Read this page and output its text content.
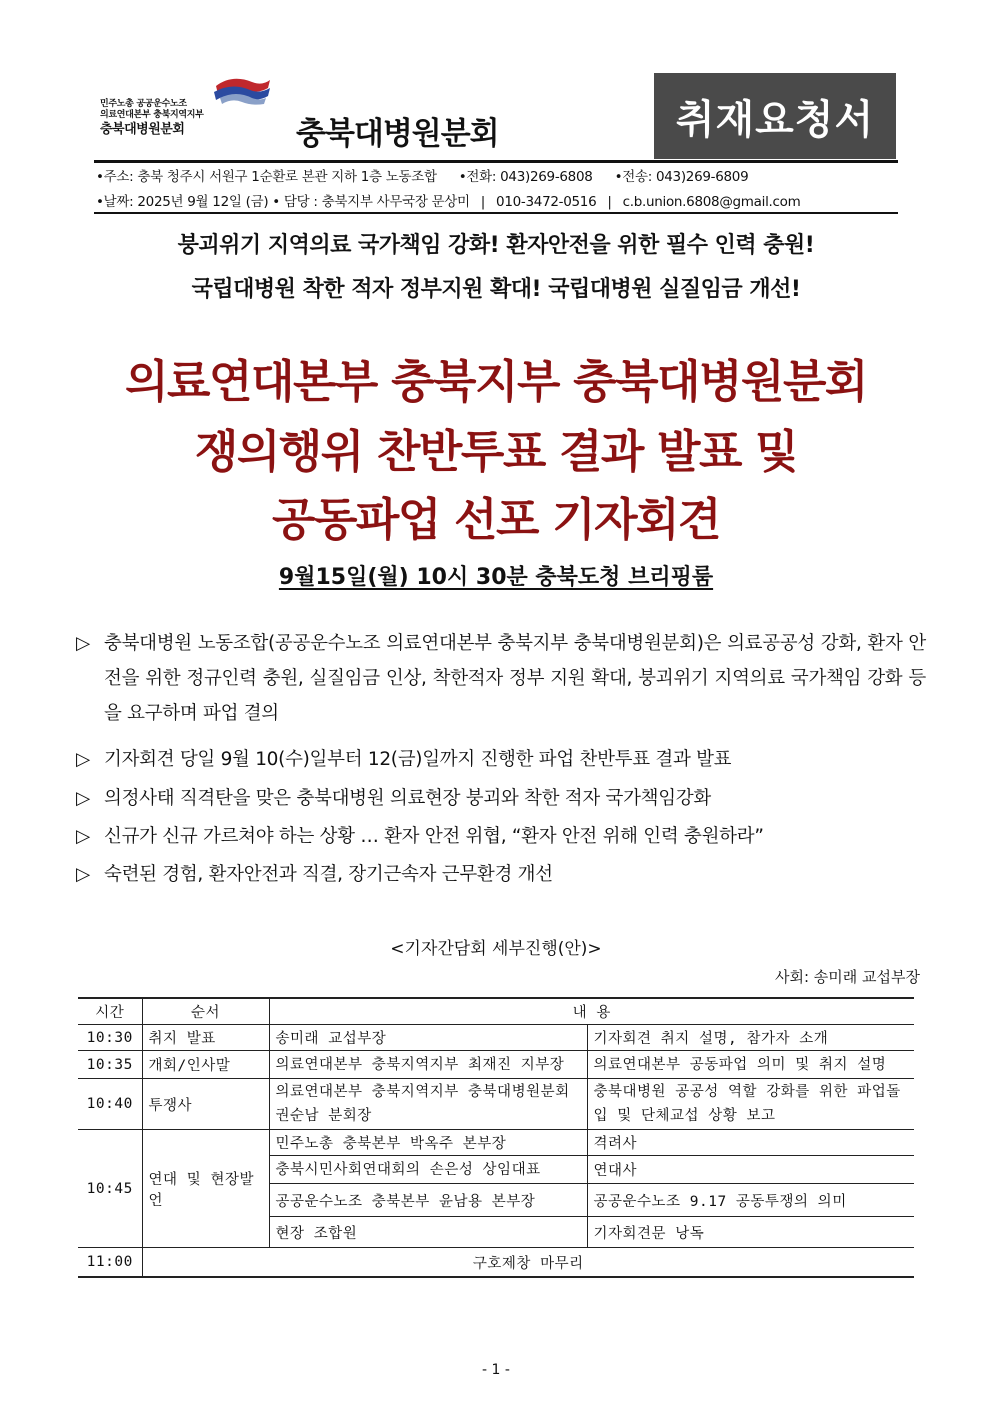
민주노총 공공운수노조
의료연대본부 충북지역지부
충북대병원분회	충북대병원분회	취재요청서
•주소: 충북 청주시 서원구 1순환로 본관 지하 1층 노동조합 •전화: 043)269-6808 •전송: 043)269-6809
•날짜: 2025년 9월 12일 (금) • 담당 : 충북지부 사무국장 문상미 | 010-3472-0516 | c.b.union.6808@gmail.com
붕괴위기 지역의료 국가책임 강화! 환자안전을 위한 필수 인력 충원!
국립대병원 착한 적자 정부지원 확대! 국립대병원 실질임금 개선!
의료연대본부 충북지부 충북대병원분회
쟁의행위 찬반투표 결과 발표 및
공동파업 선포 기자회견
9월15일(월) 10시 30분 충북도청 브리핑룸
▷ 충북대병원 노동조합(공공운수노조 의료연대본부 충북지부 충북대병원분회)은 의료공공성 강화, 환자 안전을 위한 정규인력 충원, 실질임금 인상, 착한적자 정부 지원 확대, 붕괴위기 지역의료 국가책임 강화 등을 요구하며 파업 결의
▷ 기자회견 당일 9월 10(수)일부터 12(금)일까지 진행한 파업 찬반투표 결과 발표
▷ 의정사태 직격탄을 맞은 충북대병원 의료현장 붕괴와 착한 적자 국가책임강화
▷ 신규가 신규 가르쳐야 하는 상황 … 환자 안전 위협, “환자 안전 위해 인력 충원하라”
▷ 숙련된 경험, 환자안전과 직결, 장기근속자 근무환경 개선
<기자간담회 세부진행(안)>
사회: 송미래 교섭부장
시간	순서	내 용	
10:30	취지 발표	송미래 교섭부장	기자회견 취지 설명, 참가자 소개
10:35	개회/인사말	의료연대본부 충북지역지부 최재진 지부장	의료연대본부 공동파업 의미 및 취지 설명
10:40	투쟁사	의료연대본부 충북지역지부 충북대병원분회 권순남 분회장	충북대병원 공공성 역할 강화를 위한 파업돌입 및 단체교섭 상황 보고
10:45	연대 및 현장발언	민주노총 충북본부 박옥주 본부장	격려사
		충북시민사회연대회의 손은성 상임대표	연대사
		공공운수노조 충북본부 윤남용 본부장	공공운수노조 9.17 공동투쟁의 의미
		현장 조합원	기자회견문 낭독
11:00	구호제창 마무리		
- 1 -
